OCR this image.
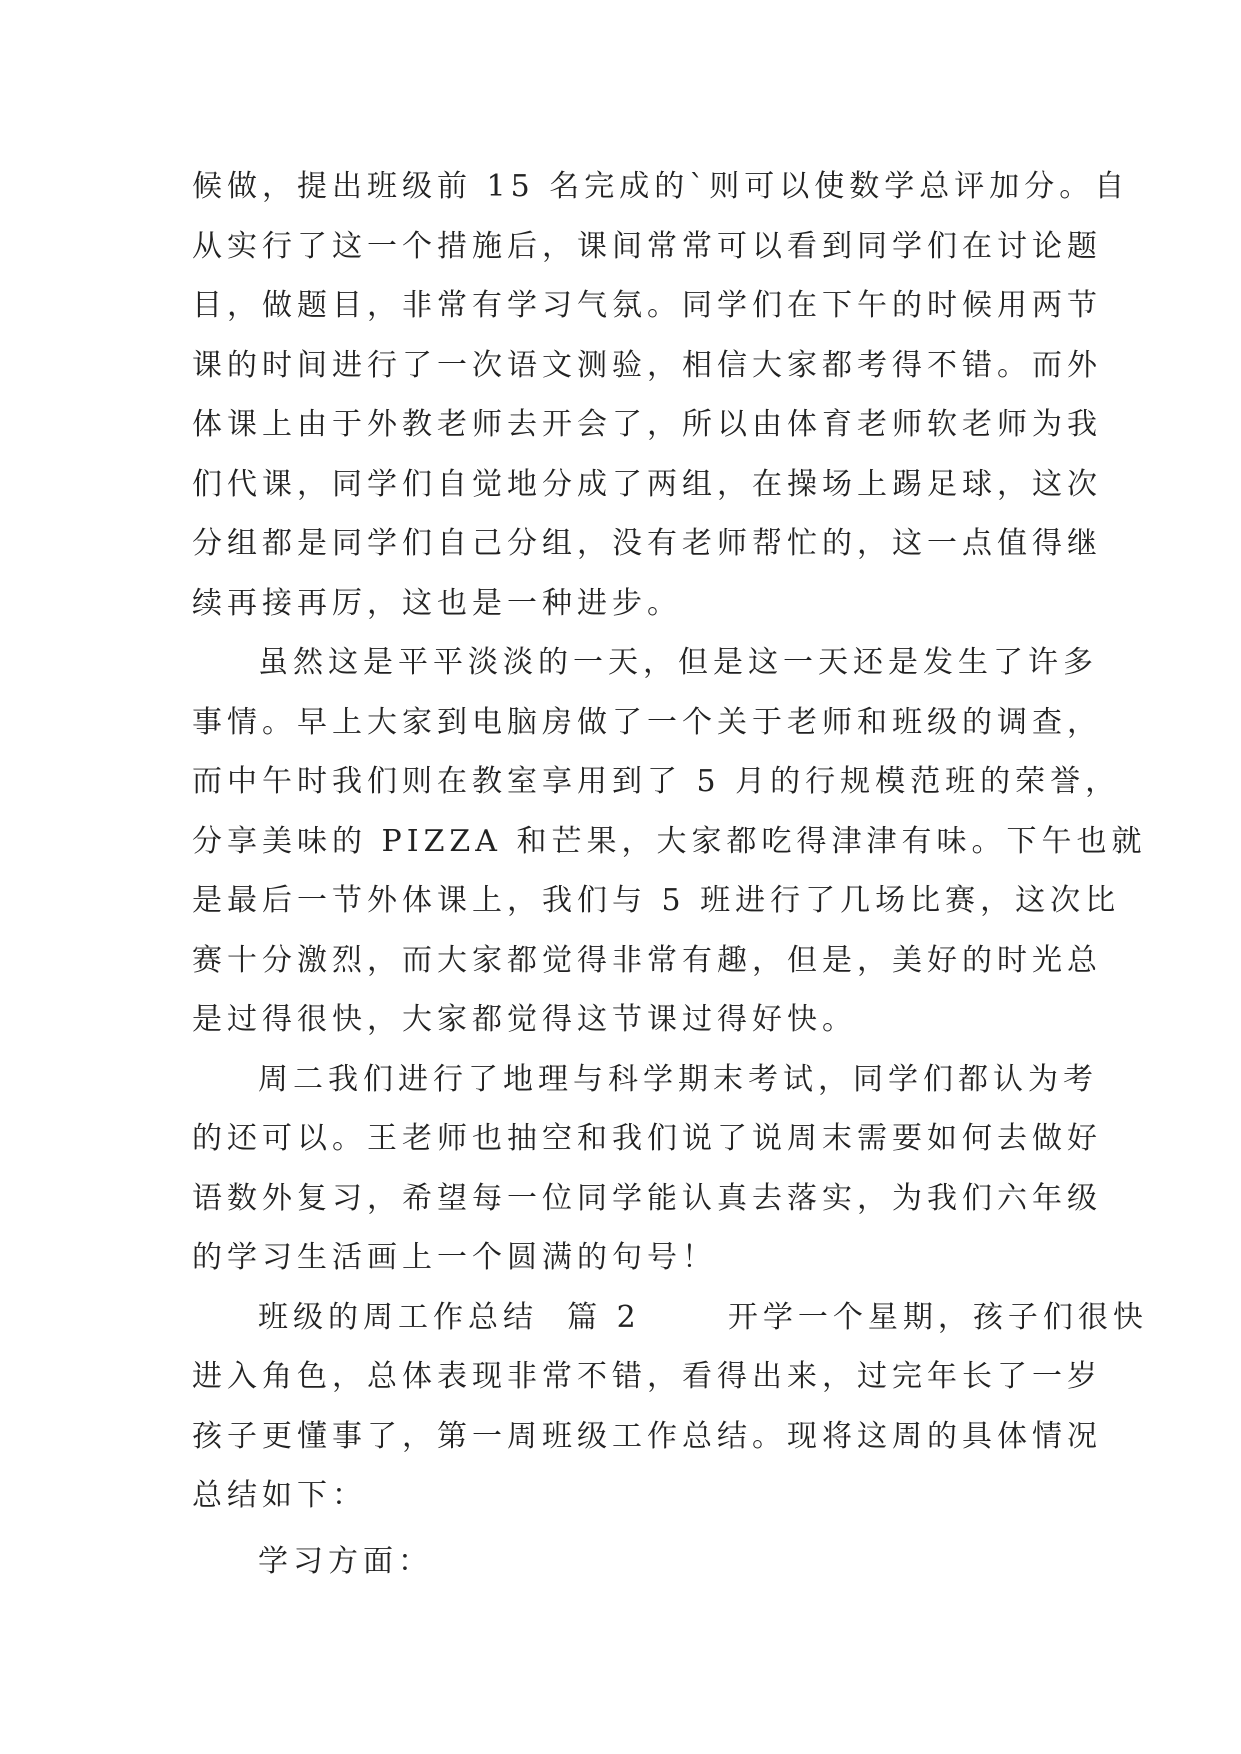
候做，提出班级前 15 名完成的`则可以使数学总评加分。自
从实行了这一个措施后，课间常常可以看到同学们在讨论题
目，做题目，非常有学习气氛。同学们在下午的时候用两节
课的时间进行了一次语文测验，相信大家都考得不错。而外
体课上由于外教老师去开会了，所以由体育老师软老师为我
们代课，同学们自觉地分成了两组，在操场上踢足球，这次
分组都是同学们自己分组，没有老师帮忙的，这一点值得继
续再接再厉，这也是一种进步。

虽然这是平平淡淡的一天，但是这一天还是发生了许多
事情。早上大家到电脑房做了一个关于老师和班级的调查，
而中午时我们则在教室享用到了 5 月的行规模范班的荣誉，
分享美味的 PIZZA 和芒果，大家都吃得津津有味。下午也就
是最后一节外体课上，我们与 5 班进行了几场比赛，这次比
赛十分激烈，而大家都觉得非常有趣，但是，美好的时光总
是过得很快，大家都觉得这节课过得好快。

周二我们进行了地理与科学期末考试，同学们都认为考
的还可以。王老师也抽空和我们说了说周末需要如何去做好
语数外复习，希望每一位同学能认真去落实，为我们六年级
的学习生活画上一个圆满的句号！

班级的周工作总结  篇 2      开学一个星期，孩子们很快
进入角色，总体表现非常不错，看得出来，过完年长了一岁
孩子更懂事了，第一周班级工作总结。现将这周的具体情况
总结如下：

学习方面：
